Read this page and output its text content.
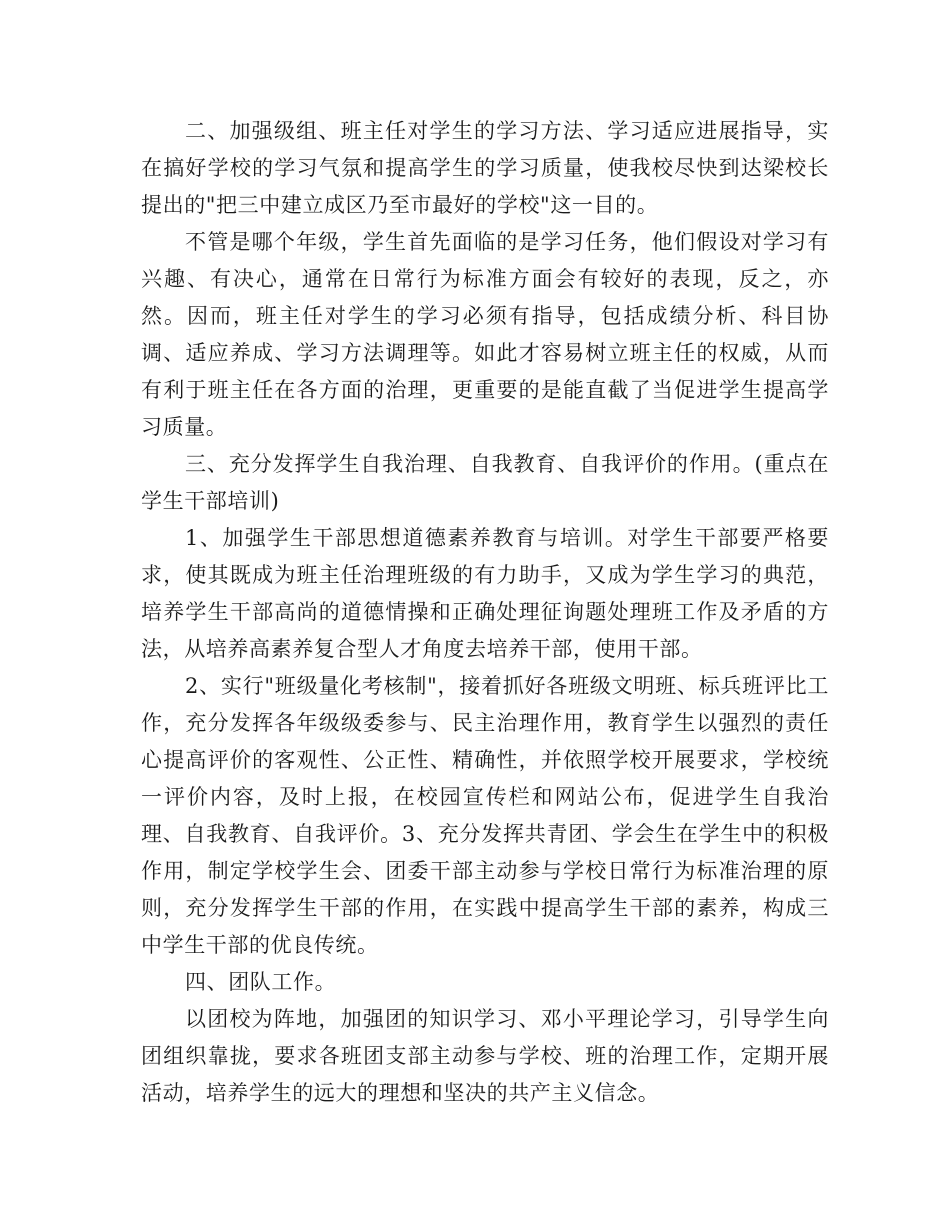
二、加强级组、班主任对学生的学习方法、学习适应进展指导，实在搞好学校的学习气氛和提高学生的学习质量，使我校尽快到达梁校长提出的"把三中建立成区乃至市最好的学校"这一目的。

不管是哪个年级，学生首先面临的是学习任务，他们假设对学习有兴趣、有决心，通常在日常行为标准方面会有较好的表现，反之，亦然。因而，班主任对学生的学习必须有指导，包括成绩分析、科目协调、适应养成、学习方法调理等。如此才容易树立班主任的权威，从而有利于班主任在各方面的治理，更重要的是能直截了当促进学生提高学习质量。

三、充分发挥学生自我治理、自我教育、自我评价的作用。(重点在学生干部培训)

1、加强学生干部思想道德素养教育与培训。对学生干部要严格要求，使其既成为班主任治理班级的有力助手，又成为学生学习的典范，培养学生干部高尚的道德情操和正确处理征询题处理班工作及矛盾的方法，从培养高素养复合型人才角度去培养干部，使用干部。

2、实行"班级量化考核制"，接着抓好各班级文明班、标兵班评比工作，充分发挥各年级级委参与、民主治理作用，教育学生以强烈的责任心提高评价的客观性、公正性、精确性，并依照学校开展要求，学校统一评价内容，及时上报，在校园宣传栏和网站公布，促进学生自我治理、自我教育、自我评价。3、充分发挥共青团、学会生在学生中的积极作用，制定学校学生会、团委干部主动参与学校日常行为标准治理的原则，充分发挥学生干部的作用，在实践中提高学生干部的素养，构成三中学生干部的优良传统。

四、团队工作。

以团校为阵地，加强团的知识学习、邓小平理论学习，引导学生向团组织靠拢，要求各班团支部主动参与学校、班的治理工作，定期开展活动，培养学生的远大的理想和坚决的共产主义信念。
